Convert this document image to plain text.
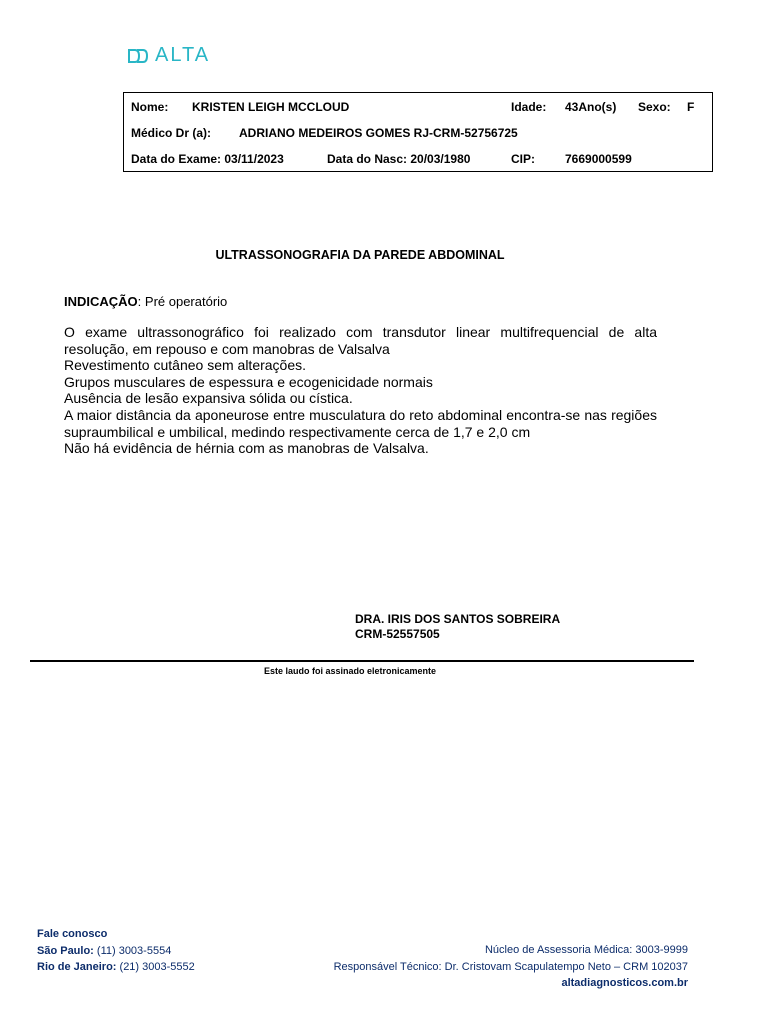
ALTA
Nome: KRISTEN LEIGH MCCLOUD	Idade: 43Ano(s) Sexo: F
Médico Dr (a): ADRIANO MEDEIROS GOMES RJ-CRM-52756725
Data do Exame: 03/11/2023	Data do Nasc: 20/03/1980	CIP:	7669000599
ULTRASSONOGRAFIA DA PAREDE ABDOMINAL
INDICAÇÃO: Pré operatório

O exame ultrassonográfico foi realizado com transdutor linear multifrequencial de alta resolução, em repouso e com manobras de Valsalva

Revestimento cutâneo sem alterações.

Grupos musculares de espessura e ecogenicidade normais

Ausência de lesão expansiva sólida ou cística.

A maior distância da aponeurose entre musculatura do reto abdominal encontra-se nas regiões supraumbilical e umbilical, medindo respectivamente cerca de 1,7 e 2,0 cm

Não há evidência de hérnia com as manobras de Valsalva.

DRA. IRIS DOS SANTOS SOBREIRA
CRM-52557505
Este laudo foi assinado eletronicamente
Fale conosco
São Paulo: (11) 3003-5554
Rio de Janeiro: (21) 3003-5552
Núcleo de Assessoria Médica: 3003-9999
Responsável Técnico: Dr. Cristovam Scapulatempo Neto – CRM 102037
altadiagnosticos.com.br
